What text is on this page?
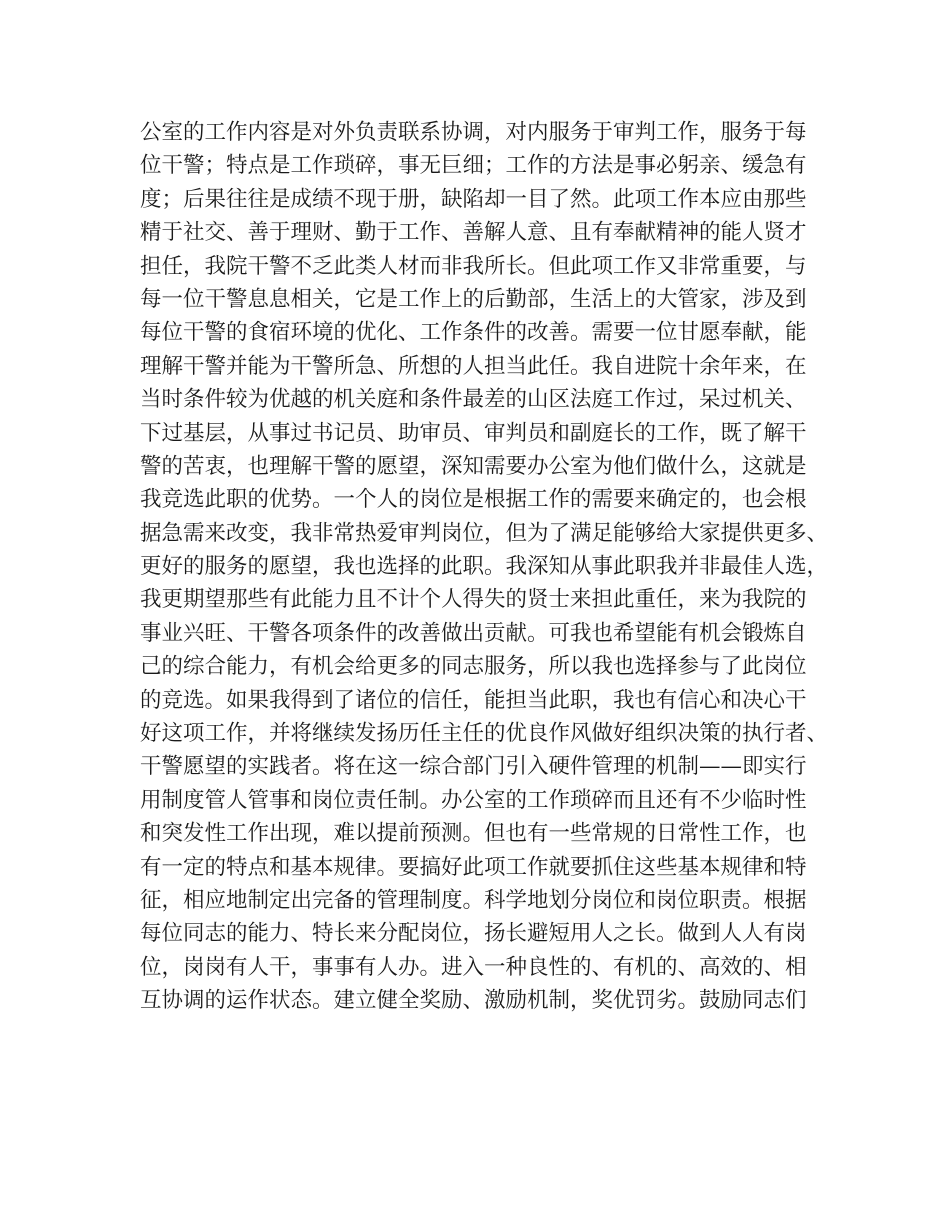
公室的工作内容是对外负责联系协调，对内服务于审判工作，服务于每
位干警；特点是工作琐碎，事无巨细；工作的方法是事必躬亲、缓急有
度；后果往往是成绩不现于册，缺陷却一目了然。此项工作本应由那些
精于社交、善于理财、勤于工作、善解人意、且有奉献精神的能人贤才
担任，我院干警不乏此类人材而非我所长。但此项工作又非常重要，与
每一位干警息息相关，它是工作上的后勤部，生活上的大管家，涉及到
每位干警的食宿环境的优化、工作条件的改善。需要一位甘愿奉献，能
理解干警并能为干警所急、所想的人担当此任。我自进院十余年来，在
当时条件较为优越的机关庭和条件最差的山区法庭工作过，呆过机关、
下过基层，从事过书记员、助审员、审判员和副庭长的工作，既了解干
警的苦衷，也理解干警的愿望，深知需要办公室为他们做什么，这就是
我竞选此职的优势。一个人的岗位是根据工作的需要来确定的，也会根
据急需来改变，我非常热爱审判岗位，但为了满足能够给大家提供更多、
更好的服务的愿望，我也选择的此职。我深知从事此职我并非最佳人选，
我更期望那些有此能力且不计个人得失的贤士来担此重任，来为我院的
事业兴旺、干警各项条件的改善做出贡献。可我也希望能有机会锻炼自
己的综合能力，有机会给更多的同志服务，所以我也选择参与了此岗位
的竞选。如果我得到了诸位的信任，能担当此职，我也有信心和决心干
好这项工作，并将继续发扬历任主任的优良作风做好组织决策的执行者、
干警愿望的实践者。将在这一综合部门引入硬件管理的机制——即实行
用制度管人管事和岗位责任制。办公室的工作琐碎而且还有不少临时性
和突发性工作出现，难以提前预测。但也有一些常规的日常性工作，也
有一定的特点和基本规律。要搞好此项工作就要抓住这些基本规律和特
征，相应地制定出完备的管理制度。科学地划分岗位和岗位职责。根据
每位同志的能力、特长来分配岗位，扬长避短用人之长。做到人人有岗
位，岗岗有人干，事事有人办。进入一种良性的、有机的、高效的、相
互协调的运作状态。建立健全奖励、激励机制，奖优罚劣。鼓励同志们
